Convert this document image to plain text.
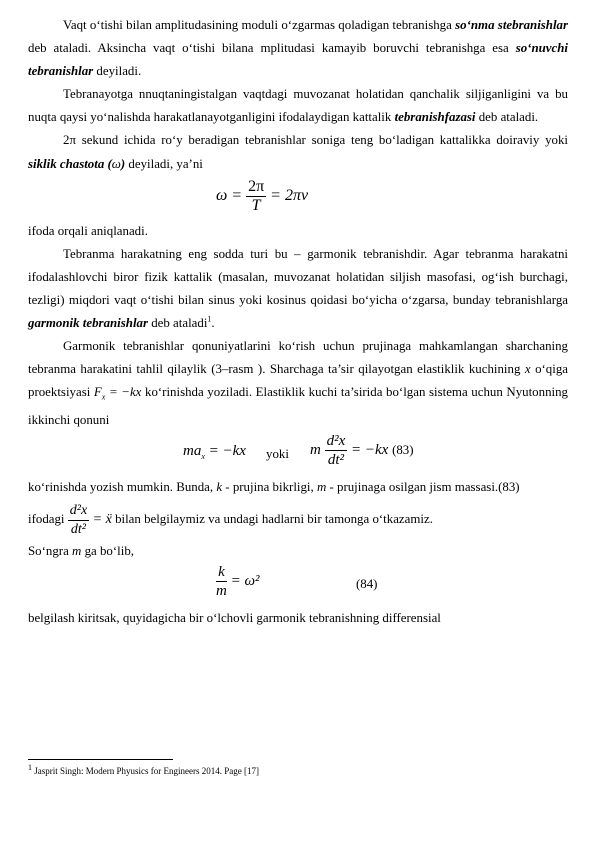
Vaqt o‘tishi bilan amplitudasining moduli o‘zgarmas qoladigan tebranishga so‘nma stebranishlar deb ataladi. Aksincha vaqt o‘tishi bilana mplitudasi kamayib boruvchi tebranishga esa so‘nuvchi tebranishlar deyiladi.

Tebranayotga nnuqtaningistalgan vaqtdagi muvozanat holatidan qanchalik siljiganligini va bu nuqta qaysi yo‘nalishda harakatlanayotganligini ifodalaydigan kattalik tebranishfazasi deb ataladi.

2π sekund ichida ro‘y beradigan tebranishlar soniga teng bo‘ladigan kattalikka doiraviy yoki siklik chastota (ω) deyiladi, ya’ni

$\omega = \frac{2\pi}{T} = 2\pi\nu$

ifoda orqali aniqlanadi.

Tebranma harakatning eng sodda turi bu – garmonik tebranishdir. Agar tebranma harakatni ifodalashlovchi biror fizik kattalik (masalan, muvozanat holatidan siljish masofasi, og‘ish burchagi, tezligi) miqdori vaqt o‘tishi bilan sinus yoki kosinus qoidasi bo‘yicha o‘zgarsa, bunday tebranishlarga garmonik tebranishlar deb ataladi$^1$.

Garmonik tebranishlar qonuniyatlarini ko‘rish uchun prujinaga mahkamlangan sharchaning tebranma harakatini tahlil qilaylik (3–rasm ). Sharchaga ta’sir qilayotgan elastiklik kuchining x o‘qiga proektsiyasi $F_x = -kx$ ko‘rinishda yoziladi. Elastiklik kuchi ta’sirida bo‘lgan sistema uchun Nyutonning ikkinchi qonuni

$ma_x = -kx$ yoki m $\frac{\text{d²x}}{\text{dt²}} = -kx$ (83)

ko‘rinishda yozish mumkin. Bunda, k - prujina bikrligi, m - prujinaga osilgan jism massasi.(83)

ifodagi $\frac{\text{d²x}}{\text{dt²}}$ = ẍ bilan belgilaymiz va undagi hadlarni bir tamonga o‘tkazamiz.

So‘ngra m ga bo‘lib,

$\frac{k}{m} = \omega^2$	(84)

belgilash kiritsak, quyidagicha bir o‘lchovli garmonik tebranishning differensial

$^1$ Jasprit Singh: Modern Phyusics for Engineers 2014. Page [17]
